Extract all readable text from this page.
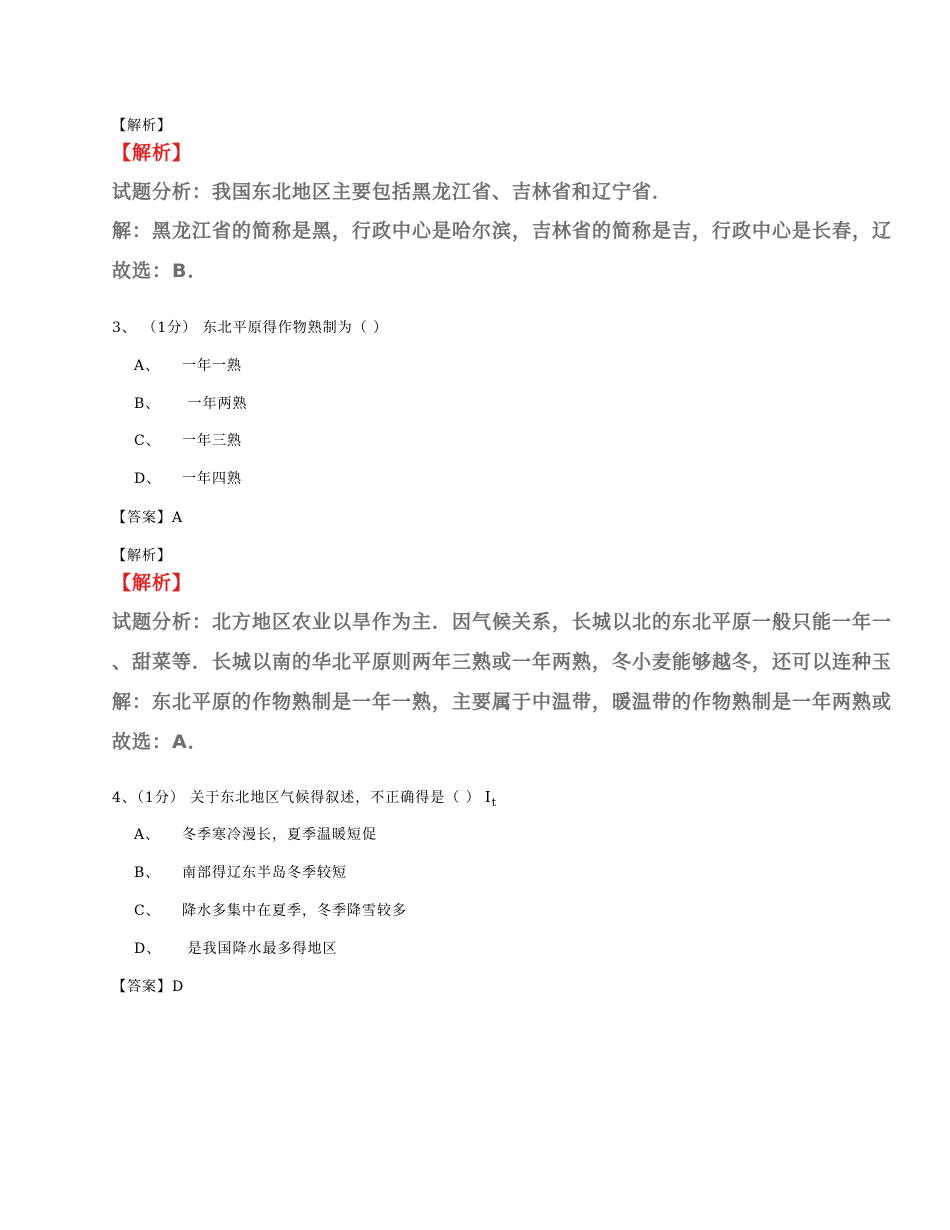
【解析】
【解析】
试题分析：我国东北地区主要包括黑龙江省、吉林省和辽宁省．
解：黑龙江省的简称是黑，行政中心是哈尔滨，吉林省的简称是吉，行政中心是长春，辽
故选：B．
3、 （1分） 东北平原得作物熟制为（ ）
A、 一年一熟
B、 一年两熟
C、 一年三熟
D、 一年四熟
【答案】A
【解析】
【解析】
试题分析：北方地区农业以旱作为主．因气候关系，长城以北的东北平原一般只能一年一
、甜菜等．长城以南的华北平原则两年三熟或一年两熟，冬小麦能够越冬，还可以连种玉
解：东北平原的作物熟制是一年一熟，主要属于中温带，暖温带的作物熟制是一年两熟或
故选：A．
4、（1分） 关于东北地区气候得叙述，不正确得是（ ） $I_t$
A、 冬季寒冷漫长，夏季温暖短促
B、 南部得辽东半岛冬季较短
C、 降水多集中在夏季，冬季降雪较多
D、 是我国降水最多得地区
【答案】D
